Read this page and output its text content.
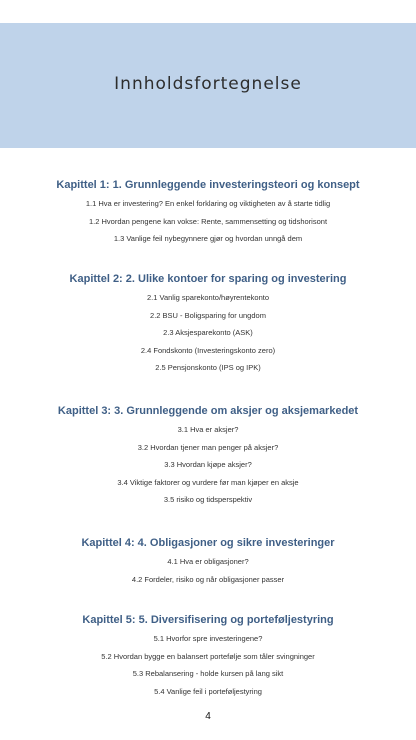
Innholdsfortegnelse
Kapittel 1: 1. Grunnleggende investeringsteori og konsept
1.1 Hva er investering? En enkel forklaring og viktigheten av å starte tidlig
1.2 Hvordan pengene kan vokse: Rente, sammensetting og tidshorisont
1.3 Vanlige feil nybegynnere gjør og hvordan unngå dem
Kapittel 2: 2. Ulike kontoer for sparing og investering
2.1 Vanlig sparekonto/høyrentekonto
2.2 BSU - Boligsparing for ungdom
2.3 Aksjesparekonto (ASK)
2.4 Fondskonto (Investeringskonto zero)
2.5 Pensjonskonto (IPS og IPK)
Kapittel 3: 3. Grunnleggende om aksjer og aksjemarkedet
3.1 Hva er aksjer?
3.2 Hvordan tjener man penger på aksjer?
3.3 Hvordan kjøpe aksjer?
3.4 Viktige faktorer og vurdere før man kjøper en aksje
3.5 risiko og tidsperspektiv
Kapittel 4: 4. Obligasjoner og sikre investeringer
4.1 Hva er obligasjoner?
4.2 Fordeler, risiko og når obligasjoner passer
Kapittel 5: 5. Diversifisering og porteføljestyring
5.1 Hvorfor spre investeringene?
5.2 Hvordan bygge en balansert portefølje som tåler svingninger
5.3 Rebalansering - holde kursen på lang sikt
5.4 Vanlige feil i porteføljestyring
4
